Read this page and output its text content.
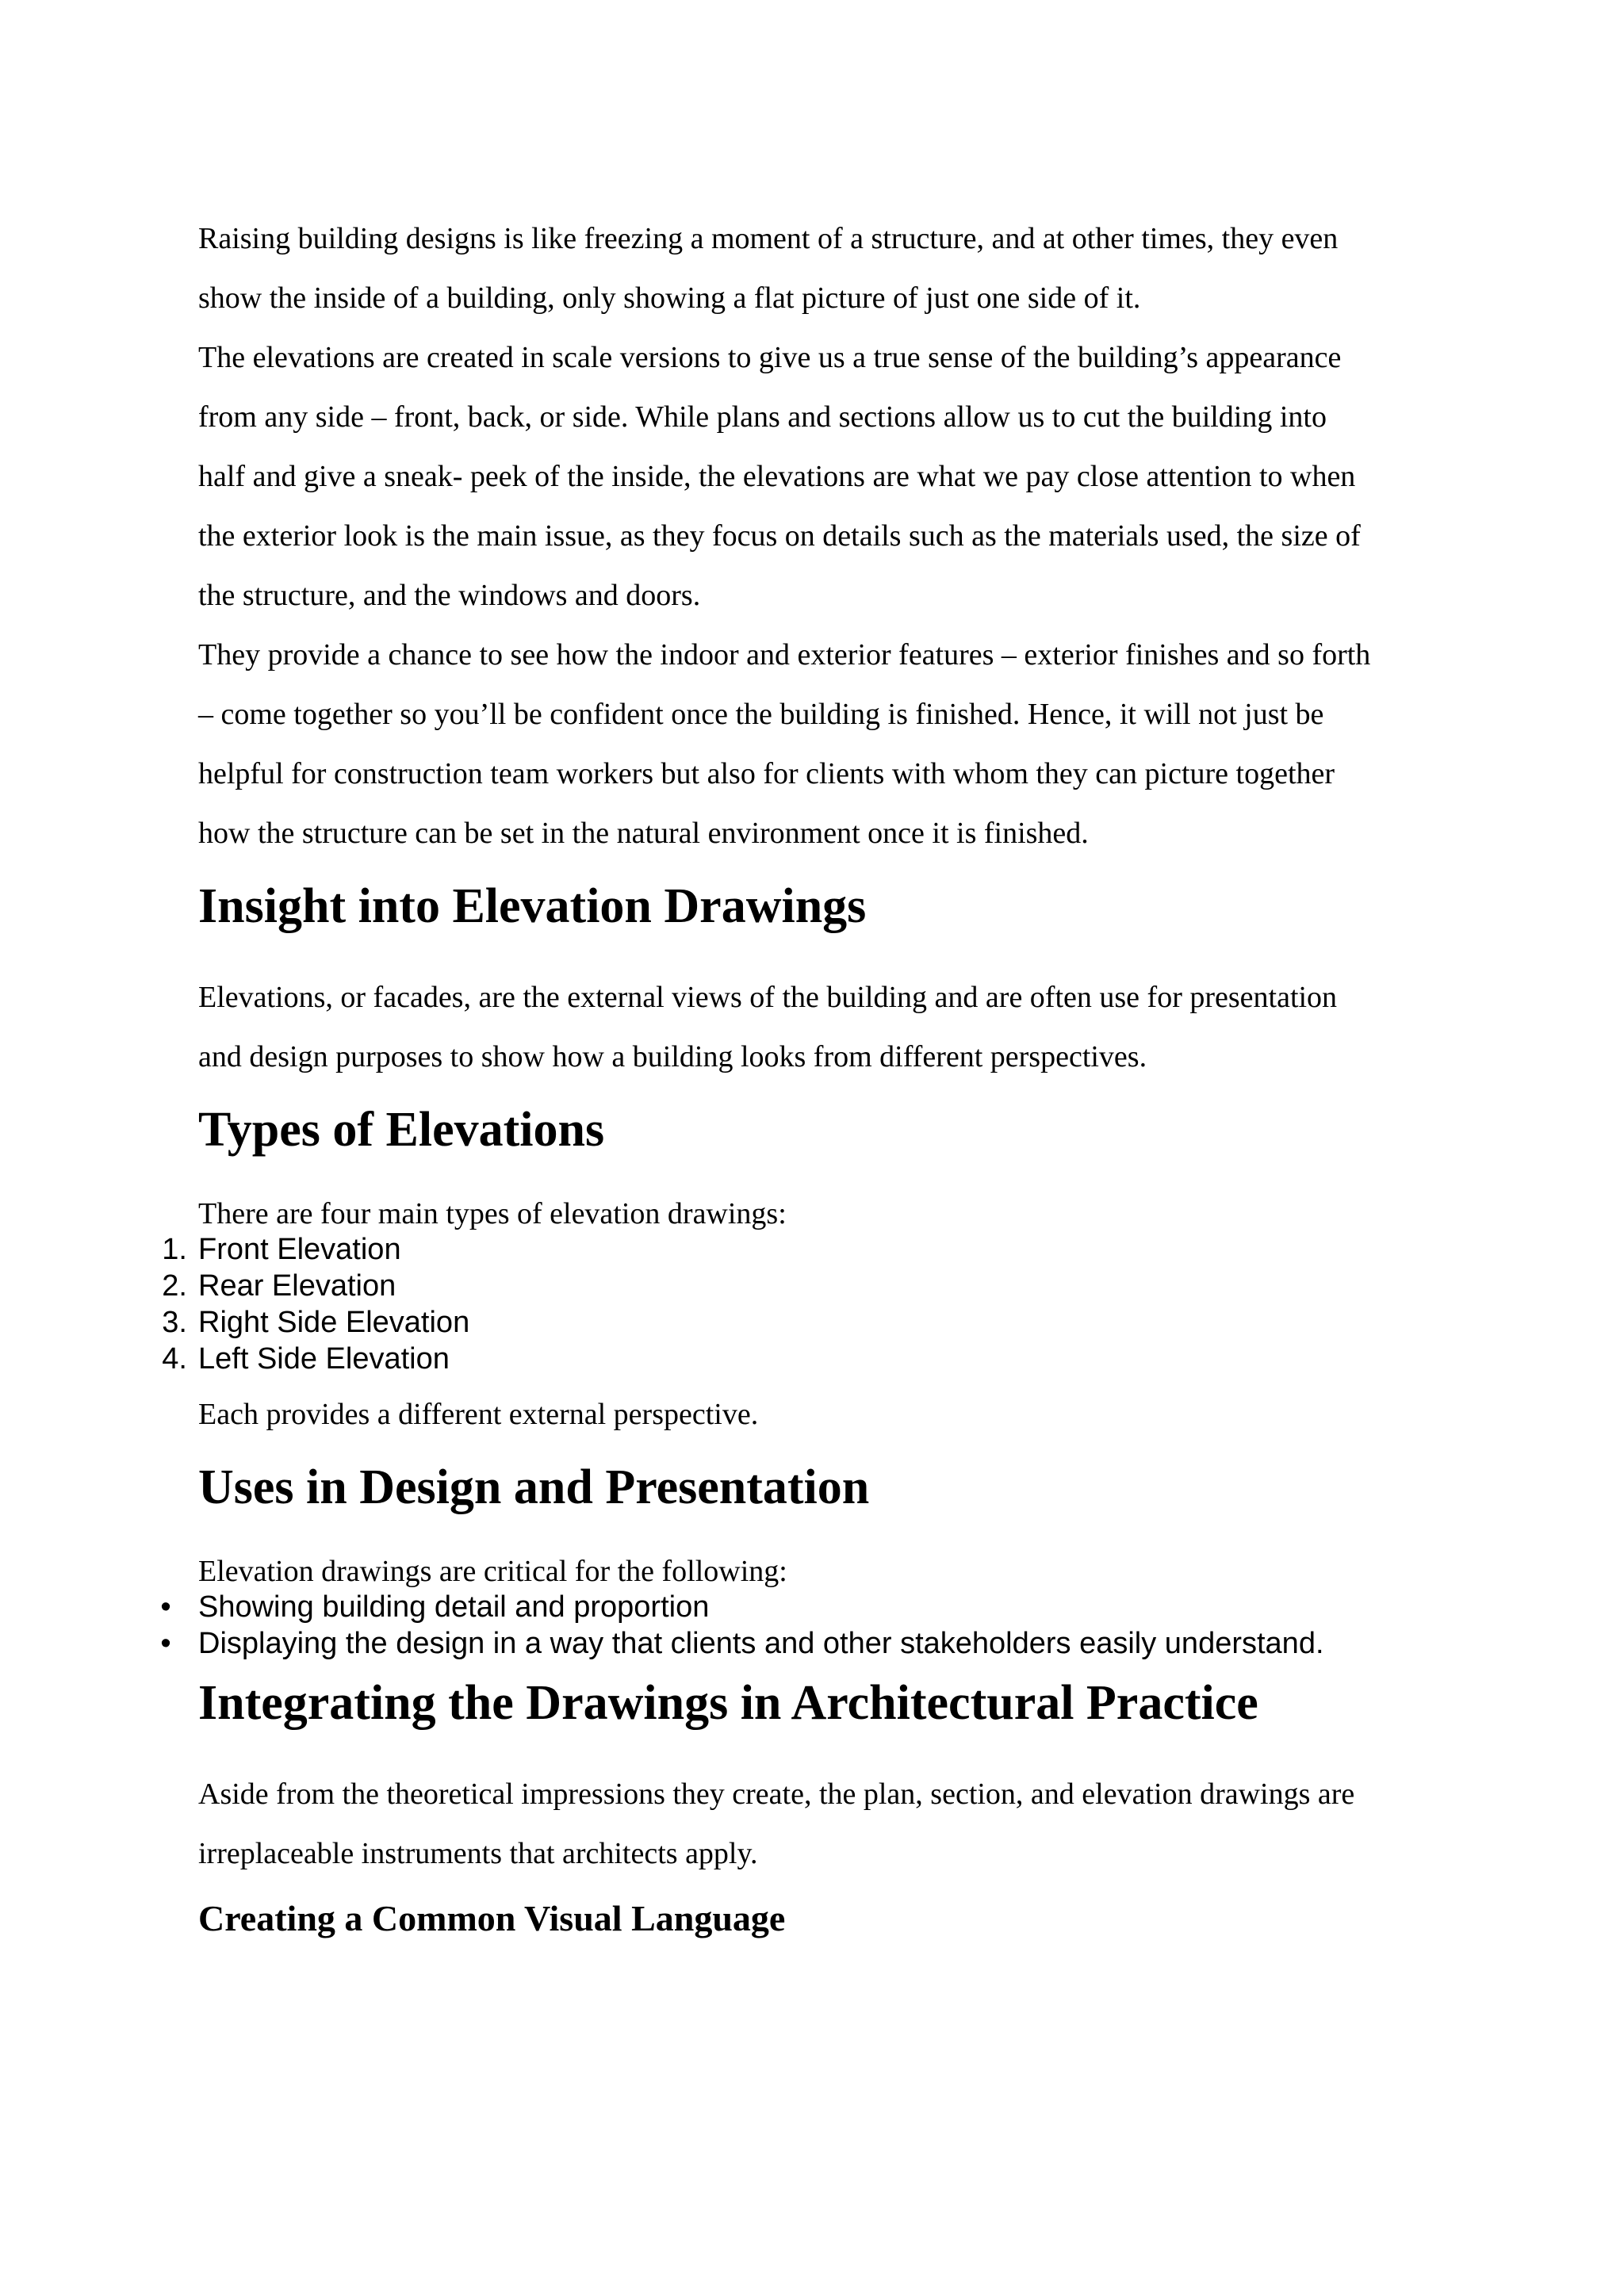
Raising building designs is like freezing a moment of a structure, and at other times, they even
show the inside of a building, only showing a flat picture of just one side of it.

The elevations are created in scale versions to give us a true sense of the building’s appearance
from any side – front, back, or side. While plans and sections allow us to cut the building into
half and give a sneak- peek of the inside, the elevations are what we pay close attention to when
the exterior look is the main issue, as they focus on details such as the materials used, the size of
the structure, and the windows and doors.

They provide a chance to see how the indoor and exterior features – exterior finishes and so forth
– come together so you’ll be confident once the building is finished. Hence, it will not just be
helpful for construction team workers but also for clients with whom they can picture together
how the structure can be set in the natural environment once it is finished.

Insight into Elevation Drawings

Elevations, or facades, are the external views of the building and are often use for presentation
and design purposes to show how a building looks from different perspectives.

Types of Elevations

There are four main types of elevation drawings:

1. Front Elevation
2. Rear Elevation
3. Right Side Elevation
4. Left Side Elevation

Each provides a different external perspective.

Uses in Design and Presentation

Elevation drawings are critical for the following:

• Showing building detail and proportion
• Displaying the design in a way that clients and other stakeholders easily understand.
Integrating the Drawings in Architectural Practice

Aside from the theoretical impressions they create, the plan, section, and elevation drawings are
irreplaceable instruments that architects apply.

Creating a Common Visual Language
